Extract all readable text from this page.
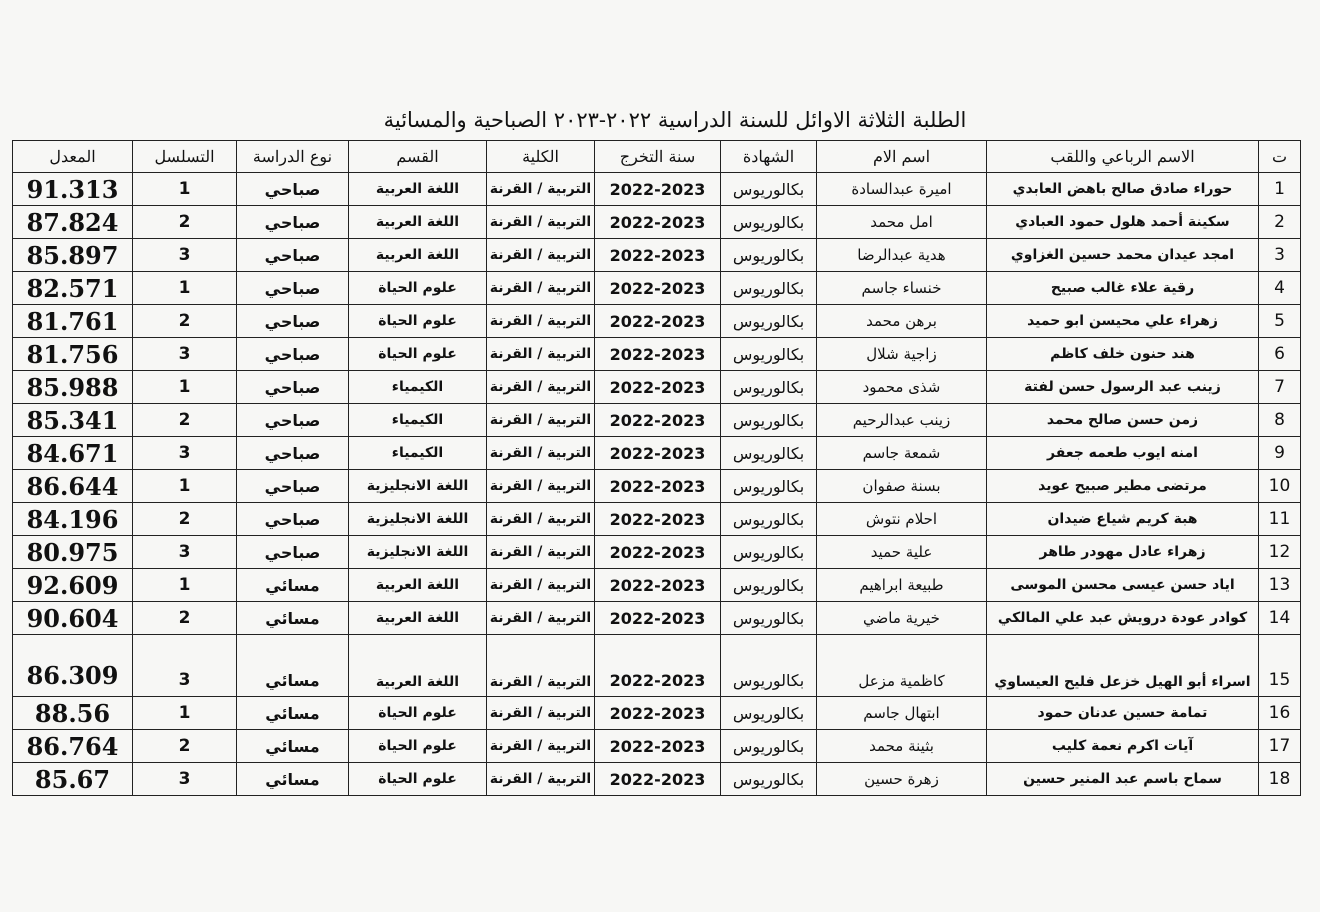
الطلبة الثلاثة الاوائل للسنة الدراسية ٢٠٢٢-٢٠٢٣ الصباحية والمسائية
ت	الاسم الرباعي واللقب	اسم الام	الشهادة	سنة التخرج	الكلية	القسم	نوع الدراسة	التسلسل	المعدل
1	حوراء صادق صالح باهض العابدي	اميرة عبدالسادة	بكالوريوس	2022-2023	التربية / القرنة	اللغة العربية	صباحي	1	91.313
2	سكينة أحمد هلول حمود العبادي	امل محمد	بكالوريوس	2022-2023	التربية / القرنة	اللغة العربية	صباحي	2	87.824
3	امجد عيدان محمد حسين الغزاوي	هدية عبدالرضا	بكالوريوس	2022-2023	التربية / القرنة	اللغة العربية	صباحي	3	85.897
4	رقية علاء غالب صبيح	خنساء جاسم	بكالوريوس	2022-2023	التربية / القرنة	علوم الحياة	صباحي	1	82.571
5	زهراء علي محيسن ابو حميد	برهن محمد	بكالوريوس	2022-2023	التربية / القرنة	علوم الحياة	صباحي	2	81.761
6	هند حنون خلف كاظم	زاجية شلال	بكالوريوس	2022-2023	التربية / القرنة	علوم الحياة	صباحي	3	81.756
7	زينب عبد الرسول حسن لفتة	شذى محمود	بكالوريوس	2022-2023	التربية / القرنة	الكيمياء	صباحي	1	85.988
8	زمن حسن صالح محمد	زينب عبدالرحيم	بكالوريوس	2022-2023	التربية / القرنة	الكيمياء	صباحي	2	85.341
9	امنه ايوب طعمه جعفر	شمعة جاسم	بكالوريوس	2022-2023	التربية / القرنة	الكيمياء	صباحي	3	84.671
10	مرتضى مطير صبيح عويد	بسنة صفوان	بكالوريوس	2022-2023	التربية / القرنة	اللغة الانجليزية	صباحي	1	86.644
11	هبة كريم شياع ضيدان	احلام نتوش	بكالوريوس	2022-2023	التربية / القرنة	اللغة الانجليزية	صباحي	2	84.196
12	زهراء عادل مهودر طاهر	علية حميد	بكالوريوس	2022-2023	التربية / القرنة	اللغة الانجليزية	صباحي	3	80.975
13	اياد حسن عيسى محسن الموسى	طبيعة ابراهيم	بكالوريوس	2022-2023	التربية / القرنة	اللغة العربية	مسائي	1	92.609
14	كوادر عودة درويش عبد علي المالكي	خيرية ماضي	بكالوريوس	2022-2023	التربية / القرنة	اللغة العربية	مسائي	2	90.604
15	اسراء أبو الهيل خزعل فليح العيساوي	كاظمية مزعل	بكالوريوس	2022-2023	التربية / القرنة	اللغة العربية	مسائي	3	86.309
16	تمامة حسين عدنان حمود	ابتهال جاسم	بكالوريوس	2022-2023	التربية / القرنة	علوم الحياة	مسائي	1	88.56
17	آيات اكرم نعمة كليب	بثينة محمد	بكالوريوس	2022-2023	التربية / القرنة	علوم الحياة	مسائي	2	86.764
18	سماح باسم عبد المنير حسين	زهرة حسين	بكالوريوس	2022-2023	التربية / القرنة	علوم الحياة	مسائي	3	85.67
